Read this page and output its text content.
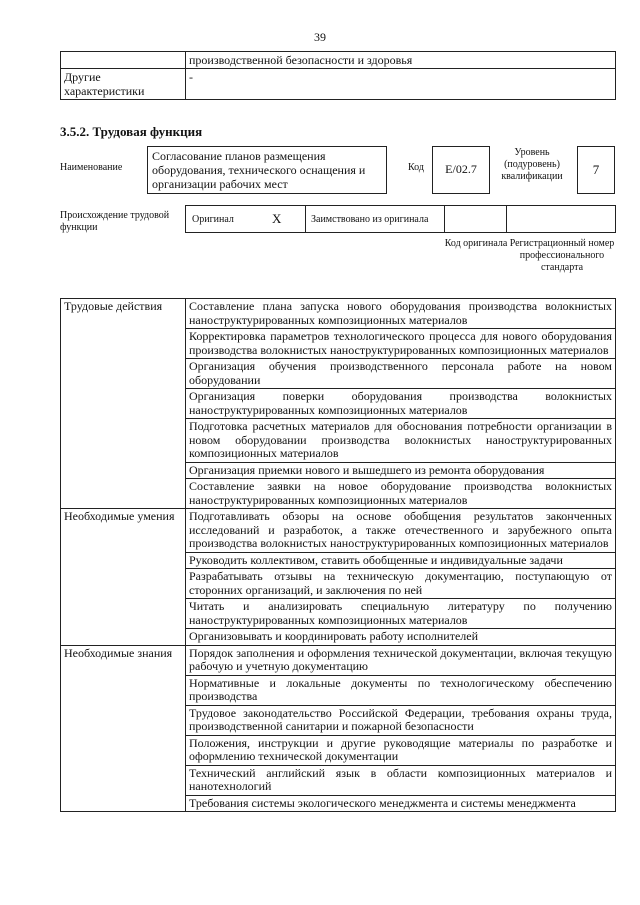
39
	производственной безопасности и здоровья
Другие характеристики	-
3.5.2. Трудовая функция
Наименование
Согласование планов размещения оборудования, технического оснащения и организации рабочих мест
Код	E/02.7
Уровень (подуровень) квалификации	7
Происхождение трудовой функции
Оригинал	X	Заимствовано из оригинала
Код оригинала Регистрационный номер профессионального стандарта
Трудовые действия	Составление плана запуска нового оборудования производства волокнистых наноструктурированных композиционных материалов
	Корректировка параметров технологического процесса для нового оборудования производства волокнистых наноструктурированных композиционных материалов
	Организация обучения производственного персонала работе на новом оборудовании
	Организация поверки оборудования производства волокнистых наноструктурированных композиционных материалов
	Подготовка расчетных материалов для обоснования потребности организации в новом оборудовании производства волокнистых наноструктурированных композиционных материалов
	Организация приемки нового и вышедшего из ремонта оборудования
	Составление заявки на новое оборудование производства волокнистых наноструктурированных композиционных материалов
Необходимые умения	Подготавливать обзоры на основе обобщения результатов законченных исследований и разработок, а также отечественного и зарубежного опыта производства волокнистых наноструктурированных композиционных материалов
	Руководить коллективом, ставить обобщенные и индивидуальные задачи
	Разрабатывать отзывы на техническую документацию, поступающую от сторонних организаций, и заключения по ней
	Читать и анализировать специальную литературу по получению наноструктурированных композиционных материалов
	Организовывать и координировать работу исполнителей
Необходимые знания	Порядок заполнения и оформления технической документации, включая текущую рабочую и учетную документацию
	Нормативные и локальные документы по технологическому обеспечению производства
	Трудовое законодательство Российской Федерации, требования охраны труда, производственной санитарии и пожарной безопасности
	Положения, инструкции и другие руководящие материалы по разработке и оформлению технической документации
	Технический английский язык в области композиционных материалов и нанотехнологий
	Требования системы экологического менеджмента и системы менеджмента
